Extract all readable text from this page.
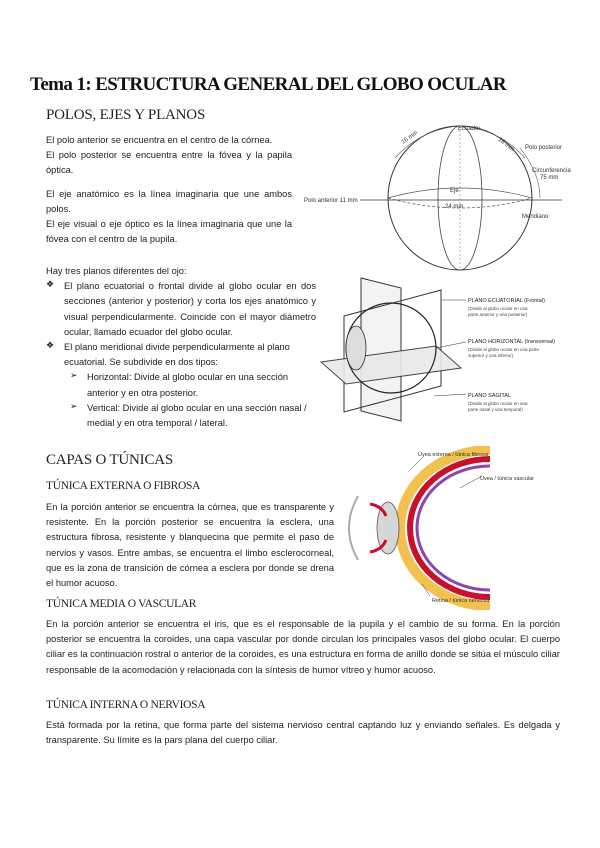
Tema 1: ESTRUCTURA GENERAL DEL GLOBO OCULAR
POLOS, EJES Y PLANOS

El polo anterior se encuentra en el centro de la córnea.

El polo posterior se encuentra entre la fóvea y la papila óptica.

El eje anatómico es la línea imaginaria que une ambos polos.

El eje visual o eje óptico es la línea imaginaria que une la fóvea con el centro de la pupila.

Hay tres planos diferentes del ojo:

❖ El plano ecuatorial o frontal divide al globo ocular en dos secciones (anterior y posterior) y corta los ejes anatómico y visual perpendicularmente. Coincide con el mayor diámetro ocular, llamado ecuador del globo ocular.

❖ El plano meridional divide perpendicularmente al plano ecuatorial. Se subdivide en dos tipos:

➢ Horizontal: Divide al globo ocular en una sección anterior y en otra posterior.

➢ Vertical: Divide al globo ocular en una sección nasal / medial y en otra temporal / lateral.

Ecuador
Polo posterior
Circunferencia
75 mm
Eje
24 mm
Polo anterior 11 mm
Meridiano
16 mm	16 mm
PLANO ECUATORIAL (Frontal)
(Divide al globo ocular en una
parte anterior y una posterior)
PLANO HORIZONTAL (transversal)
(Divide al globo ocular en una parte
superior y una inferior)
PLANO SAGITAL
(Divide al globo ocular en una
parte nasal y una temporal)
CAPAS O TÚNICAS
TÚNICA EXTERNA O FIBROSA

En la porción anterior se encuentra la córnea, que es transparente y resistente. En la porción posterior se encuentra la esclera, una estructura fibrosa, resistente y blanquecina que permite el paso de nervios y vasos. Entre ambas, se encuentra el limbo esclerocorneal, que es la zona de transición de córnea a esclera por donde se drena el humor acuoso.

Úvea externa / túnica fibrosa
Úvea / túnica vascular
Retina / túnica nerviosa
TÚNICA MEDIA O VASCULAR

En la porción anterior se encuentra el iris, que es el responsable de la pupila y el cambio de su forma. En la porción posterior se encuentra la coroides, una capa vascular por donde circulan los principales vasos del globo ocular. El cuerpo ciliar es la continuación rostral o anterior de la coroides, es una estructura en forma de anillo donde se sitúa el músculo ciliar responsable de la acomodación y relacionada con la síntesis de humor vítreo y humor acuoso.

TÚNICA INTERNA O NERVIOSA

Está formada por la retina, que forma parte del sistema nervioso central captando luz y enviando señales. Es delgada y transparente. Su límite es la pars plana del cuerpo ciliar.
